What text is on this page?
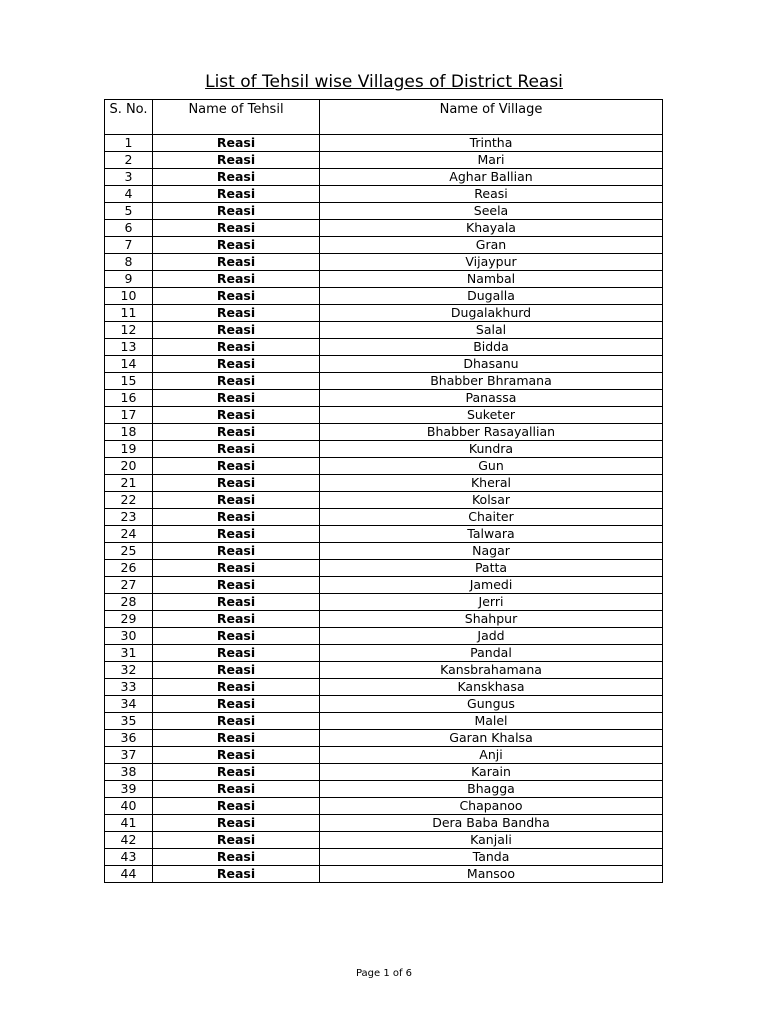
List of Tehsil wise Villages of District Reasi
S. No.	Name of Tehsil	Name of Village
1	Reasi	Trintha
2	Reasi	Mari
3	Reasi	Aghar Ballian
4	Reasi	Reasi
5	Reasi	Seela
6	Reasi	Khayala
7	Reasi	Gran
8	Reasi	Vijaypur
9	Reasi	Nambal
10	Reasi	Dugalla
11	Reasi	Dugalakhurd
12	Reasi	Salal
13	Reasi	Bidda
14	Reasi	Dhasanu
15	Reasi	Bhabber Bhramana
16	Reasi	Panassa
17	Reasi	Suketer
18	Reasi	Bhabber Rasayallian
19	Reasi	Kundra
20	Reasi	Gun
21	Reasi	Kheral
22	Reasi	Kolsar
23	Reasi	Chaiter
24	Reasi	Talwara
25	Reasi	Nagar
26	Reasi	Patta
27	Reasi	Jamedi
28	Reasi	Jerri
29	Reasi	Shahpur
30	Reasi	Jadd
31	Reasi	Pandal
32	Reasi	Kansbrahamana
33	Reasi	Kanskhasa
34	Reasi	Gungus
35	Reasi	Malel
36	Reasi	Garan Khalsa
37	Reasi	Anji
38	Reasi	Karain
39	Reasi	Bhagga
40	Reasi	Chapanoo
41	Reasi	Dera Baba Bandha
42	Reasi	Kanjali
43	Reasi	Tanda
44	Reasi	Mansoo
Page 1 of 6
